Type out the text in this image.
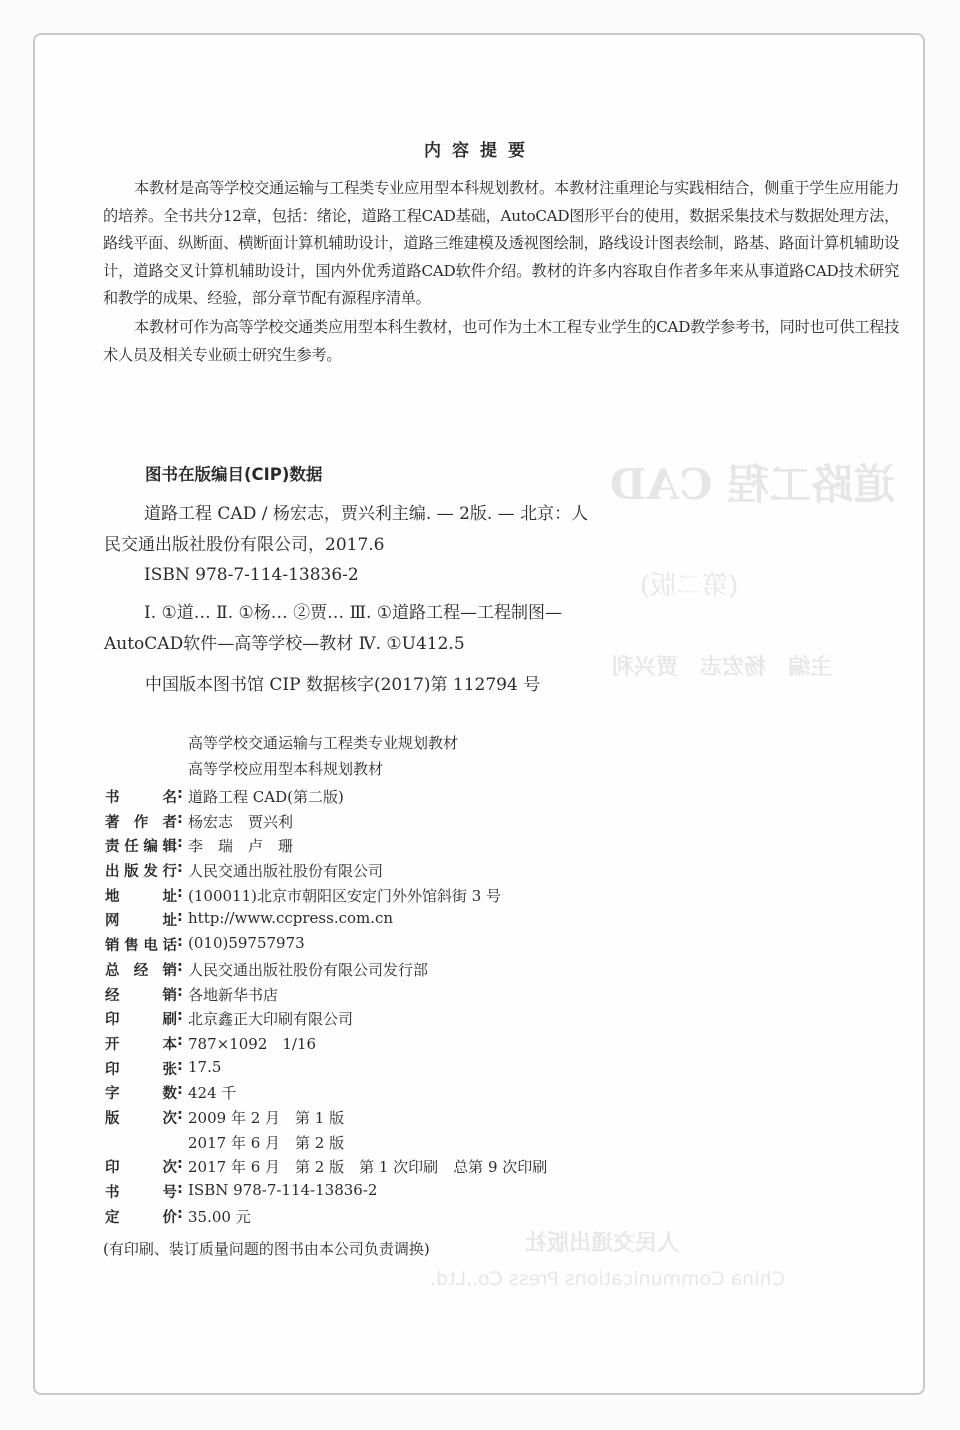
道路工程 CAD
(第二版)
主编　杨宏志　贾兴利
人民交通出版社
China Communications Press Co.,Ltd.
内容提要
本教材是高等学校交通运输与工程类专业应用型本科规划教材。本教材注重理论与实践相结合，侧重于学生应用能力的培养。全书共分12章，包括：绪论，道路工程CAD基础，AutoCAD图形平台的使用，数据采集技术与数据处理方法，路线平面、纵断面、横断面计算机辅助设计，道路三维建模及透视图绘制，路线设计图表绘制，路基、路面计算机辅助设计，道路交叉计算机辅助设计，国内外优秀道路CAD软件介绍。教材的许多内容取自作者多年来从事道路CAD技术研究和教学的成果、经验，部分章节配有源程序清单。
本教材可作为高等学校交通类应用型本科生教材，也可作为土木工程专业学生的CAD教学参考书，同时也可供工程技术人员及相关专业硕士研究生参考。
图书在版编目(CIP)数据
道路工程 CAD / 杨宏志，贾兴利主编. — 2版. — 北京：人民交通出版社股份有限公司，2017.6
ISBN 978-7-114-13836-2
Ⅰ. ①道… Ⅱ. ①杨… ②贾… Ⅲ. ①道路工程—工程制图—AutoCAD软件—高等学校—教材 Ⅳ. ①U412.5
中国版本图书馆 CIP 数据核字(2017)第 112794 号
高等学校交通运输与工程类专业规划教材
高等学校应用型本科规划教材
书名 : 道路工程 CAD(第二版)
著作者 : 杨宏志　贾兴利
责任编辑 : 李　瑞　卢　珊
出版发行 : 人民交通出版社股份有限公司
地址 : (100011)北京市朝阳区安定门外外馆斜街 3 号
网址 : http://www.ccpress.com.cn
销售电话 : (010)59757973
总经销 : 人民交通出版社股份有限公司发行部
经销 : 各地新华书店
印刷 : 北京鑫正大印刷有限公司
开本 : 787×1092　1/16
印张 : 17.5
字数 : 424 千
版次 : 2009 年 2 月　第 1 版
2017 年 6 月　第 2 版
印次 : 2017 年 6 月　第 2 版　第 1 次印刷　总第 9 次印刷
书号 : ISBN 978-7-114-13836-2
定价 : 35.00 元
(有印刷、装订质量问题的图书由本公司负责调换)
